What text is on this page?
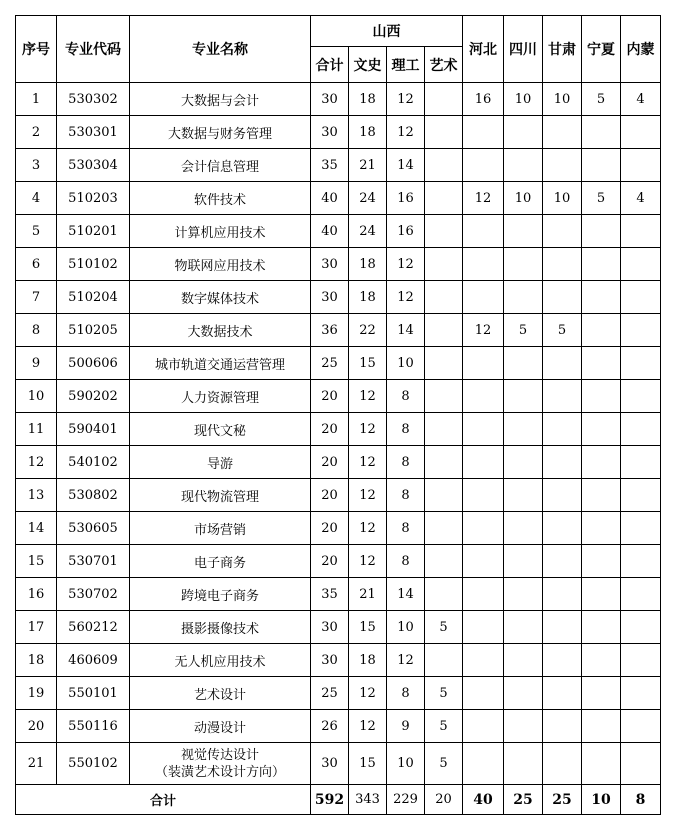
序号	专业代码	专业名称	山西				河北	四川	甘肃	宁夏	内蒙
			合计	文史	理工	艺术					
1	530302	大数据与会计	30	18	12		16	10	10	5	4
2	530301	大数据与财务管理	30	18	12						
3	530304	会计信息管理	35	21	14						
4	510203	软件技术	40	24	16		12	10	10	5	4
5	510201	计算机应用技术	40	24	16						
6	510102	物联网应用技术	30	18	12						
7	510204	数字媒体技术	30	18	12						
8	510205	大数据技术	36	22	14		12	5	5		
9	500606	城市轨道交通运营管理	25	15	10						
10	590202	人力资源管理	20	12	8						
11	590401	现代文秘	20	12	8						
12	540102	导游	20	12	8						
13	530802	现代物流管理	20	12	8						
14	530605	市场营销	20	12	8						
15	530701	电子商务	20	12	8						
16	530702	跨境电子商务	35	21	14						
17	560212	摄影摄像技术	30	15	10	5					
18	460609	无人机应用技术	30	18	12						
19	550101	艺术设计	25	12	8	5					
20	550116	动漫设计	26	12	9	5					
21	550102	视觉传达设计
（装潢艺术设计方向）	30	15	10	5					
合计			592	343	229	20	40	25	25	10	8
